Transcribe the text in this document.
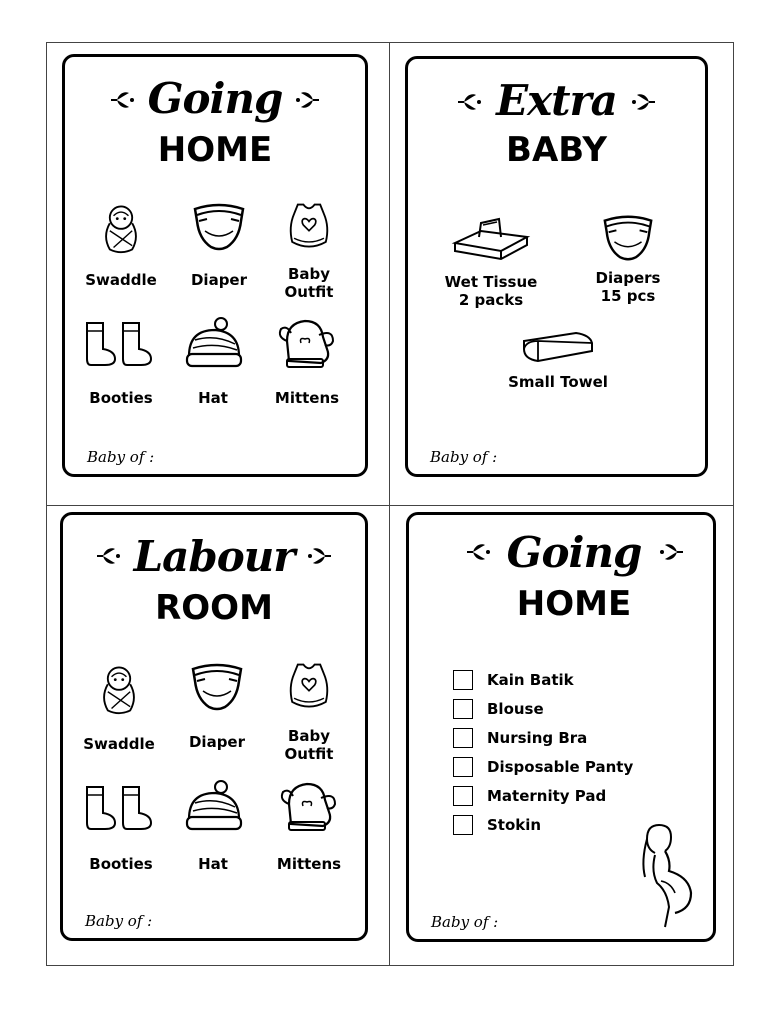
Going
HOME
Swaddle	Diaper	Baby
Outfit
Booties	Hat	Mittens
Baby of :
Extra
BABY
Wet Tissue
2 packs
Diapers
15 pcs
Small Towel
Baby of :
Labour
ROOM
Swaddle	Diaper	Baby
Outfit
Booties	Hat	Mittens
Baby of :
Going
HOME
Kain Batik
Blouse
Nursing Bra
Disposable Panty
Maternity Pad
Stokin
Baby of :
